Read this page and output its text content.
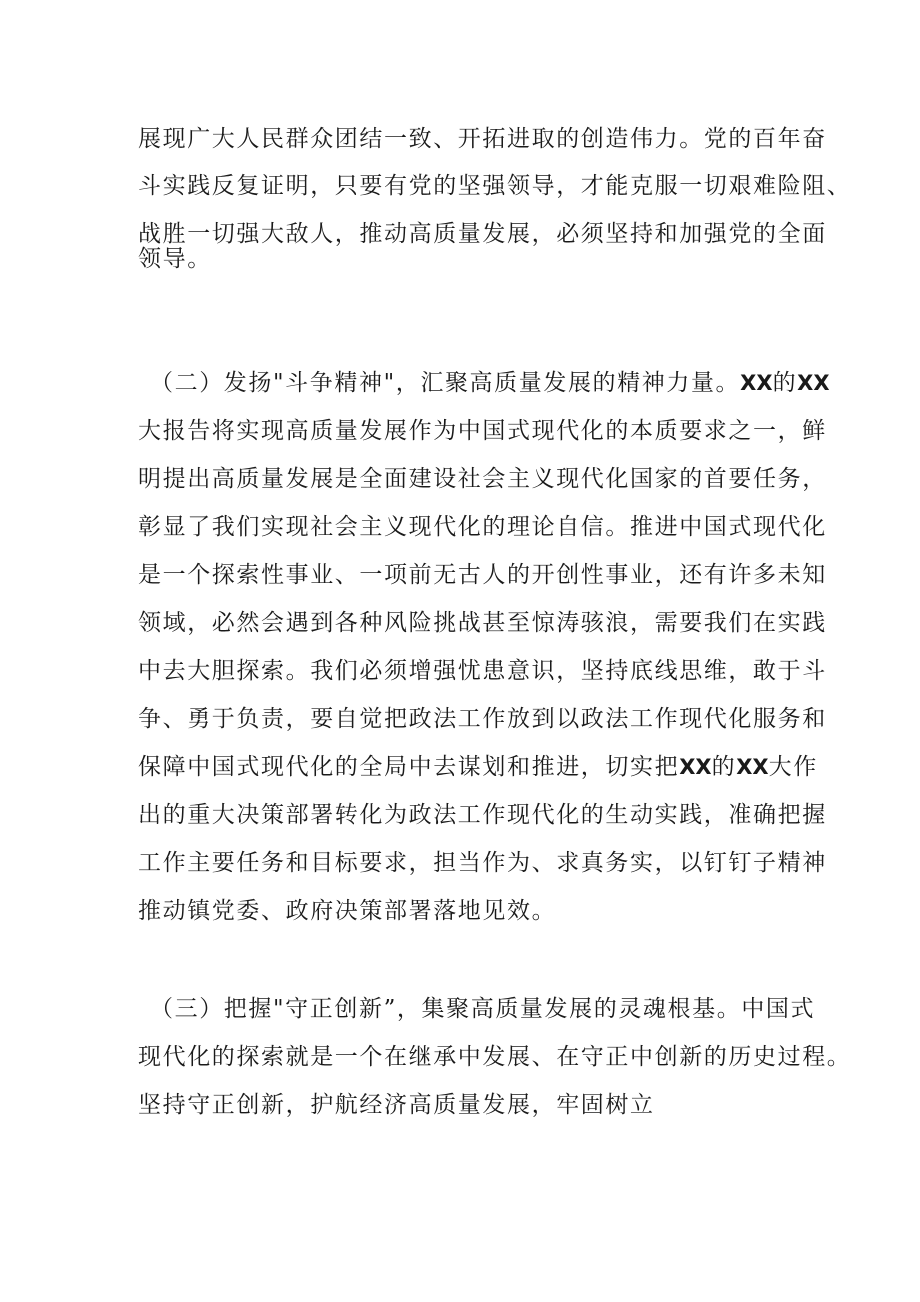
展现广大人民群众团结一致、开拓进取的创造伟力。党的百年奋
斗实践反复证明，只要有党的坚强领导，才能克服一切艰难险阻、
战胜一切强大敌人，推动高质量发展，必须坚持和加强党的全面
领导。
（二）发扬"斗争精神"，汇聚高质量发展的精神力量。XX的XX
大报告将实现高质量发展作为中国式现代化的本质要求之一，鲜
明提出高质量发展是全面建设社会主义现代化国家的首要任务，
彰显了我们实现社会主义现代化的理论自信。推进中国式现代化
是一个探索性事业、一项前无古人的开创性事业，还有许多未知
领域，必然会遇到各种风险挑战甚至惊涛骇浪，需要我们在实践
中去大胆探索。我们必须增强忧患意识，坚持底线思维，敢于斗
争、勇于负责，要自觉把政法工作放到以政法工作现代化服务和
保障中国式现代化的全局中去谋划和推进，切实把XX的XX大作
出的重大决策部署转化为政法工作现代化的生动实践，准确把握
工作主要任务和目标要求，担当作为、求真务实，以钉钉子精神
推动镇党委、政府决策部署落地见效。
（三）把握"守正创新”，集聚高质量发展的灵魂根基。中国式
现代化的探索就是一个在继承中发展、在守正中创新的历史过程。
坚持守正创新，护航经济高质量发展，牢固树立
